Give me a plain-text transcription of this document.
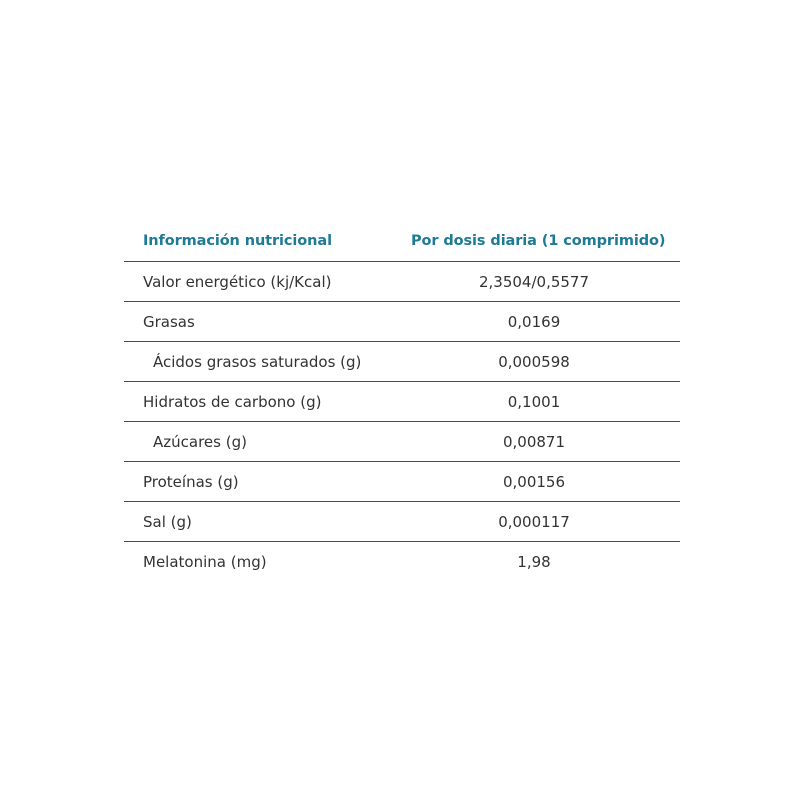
Información nutricional	Por dosis diaria (1 comprimido)
Valor energético (kj/Kcal)	2,3504/0,5577
Grasas	0,0169
Ácidos grasos saturados (g)	0,000598
Hidratos de carbono (g)	0,1001
Azúcares (g)	0,00871
Proteínas (g)	0,00156
Sal (g)	0,000117
Melatonina (mg)	1,98
